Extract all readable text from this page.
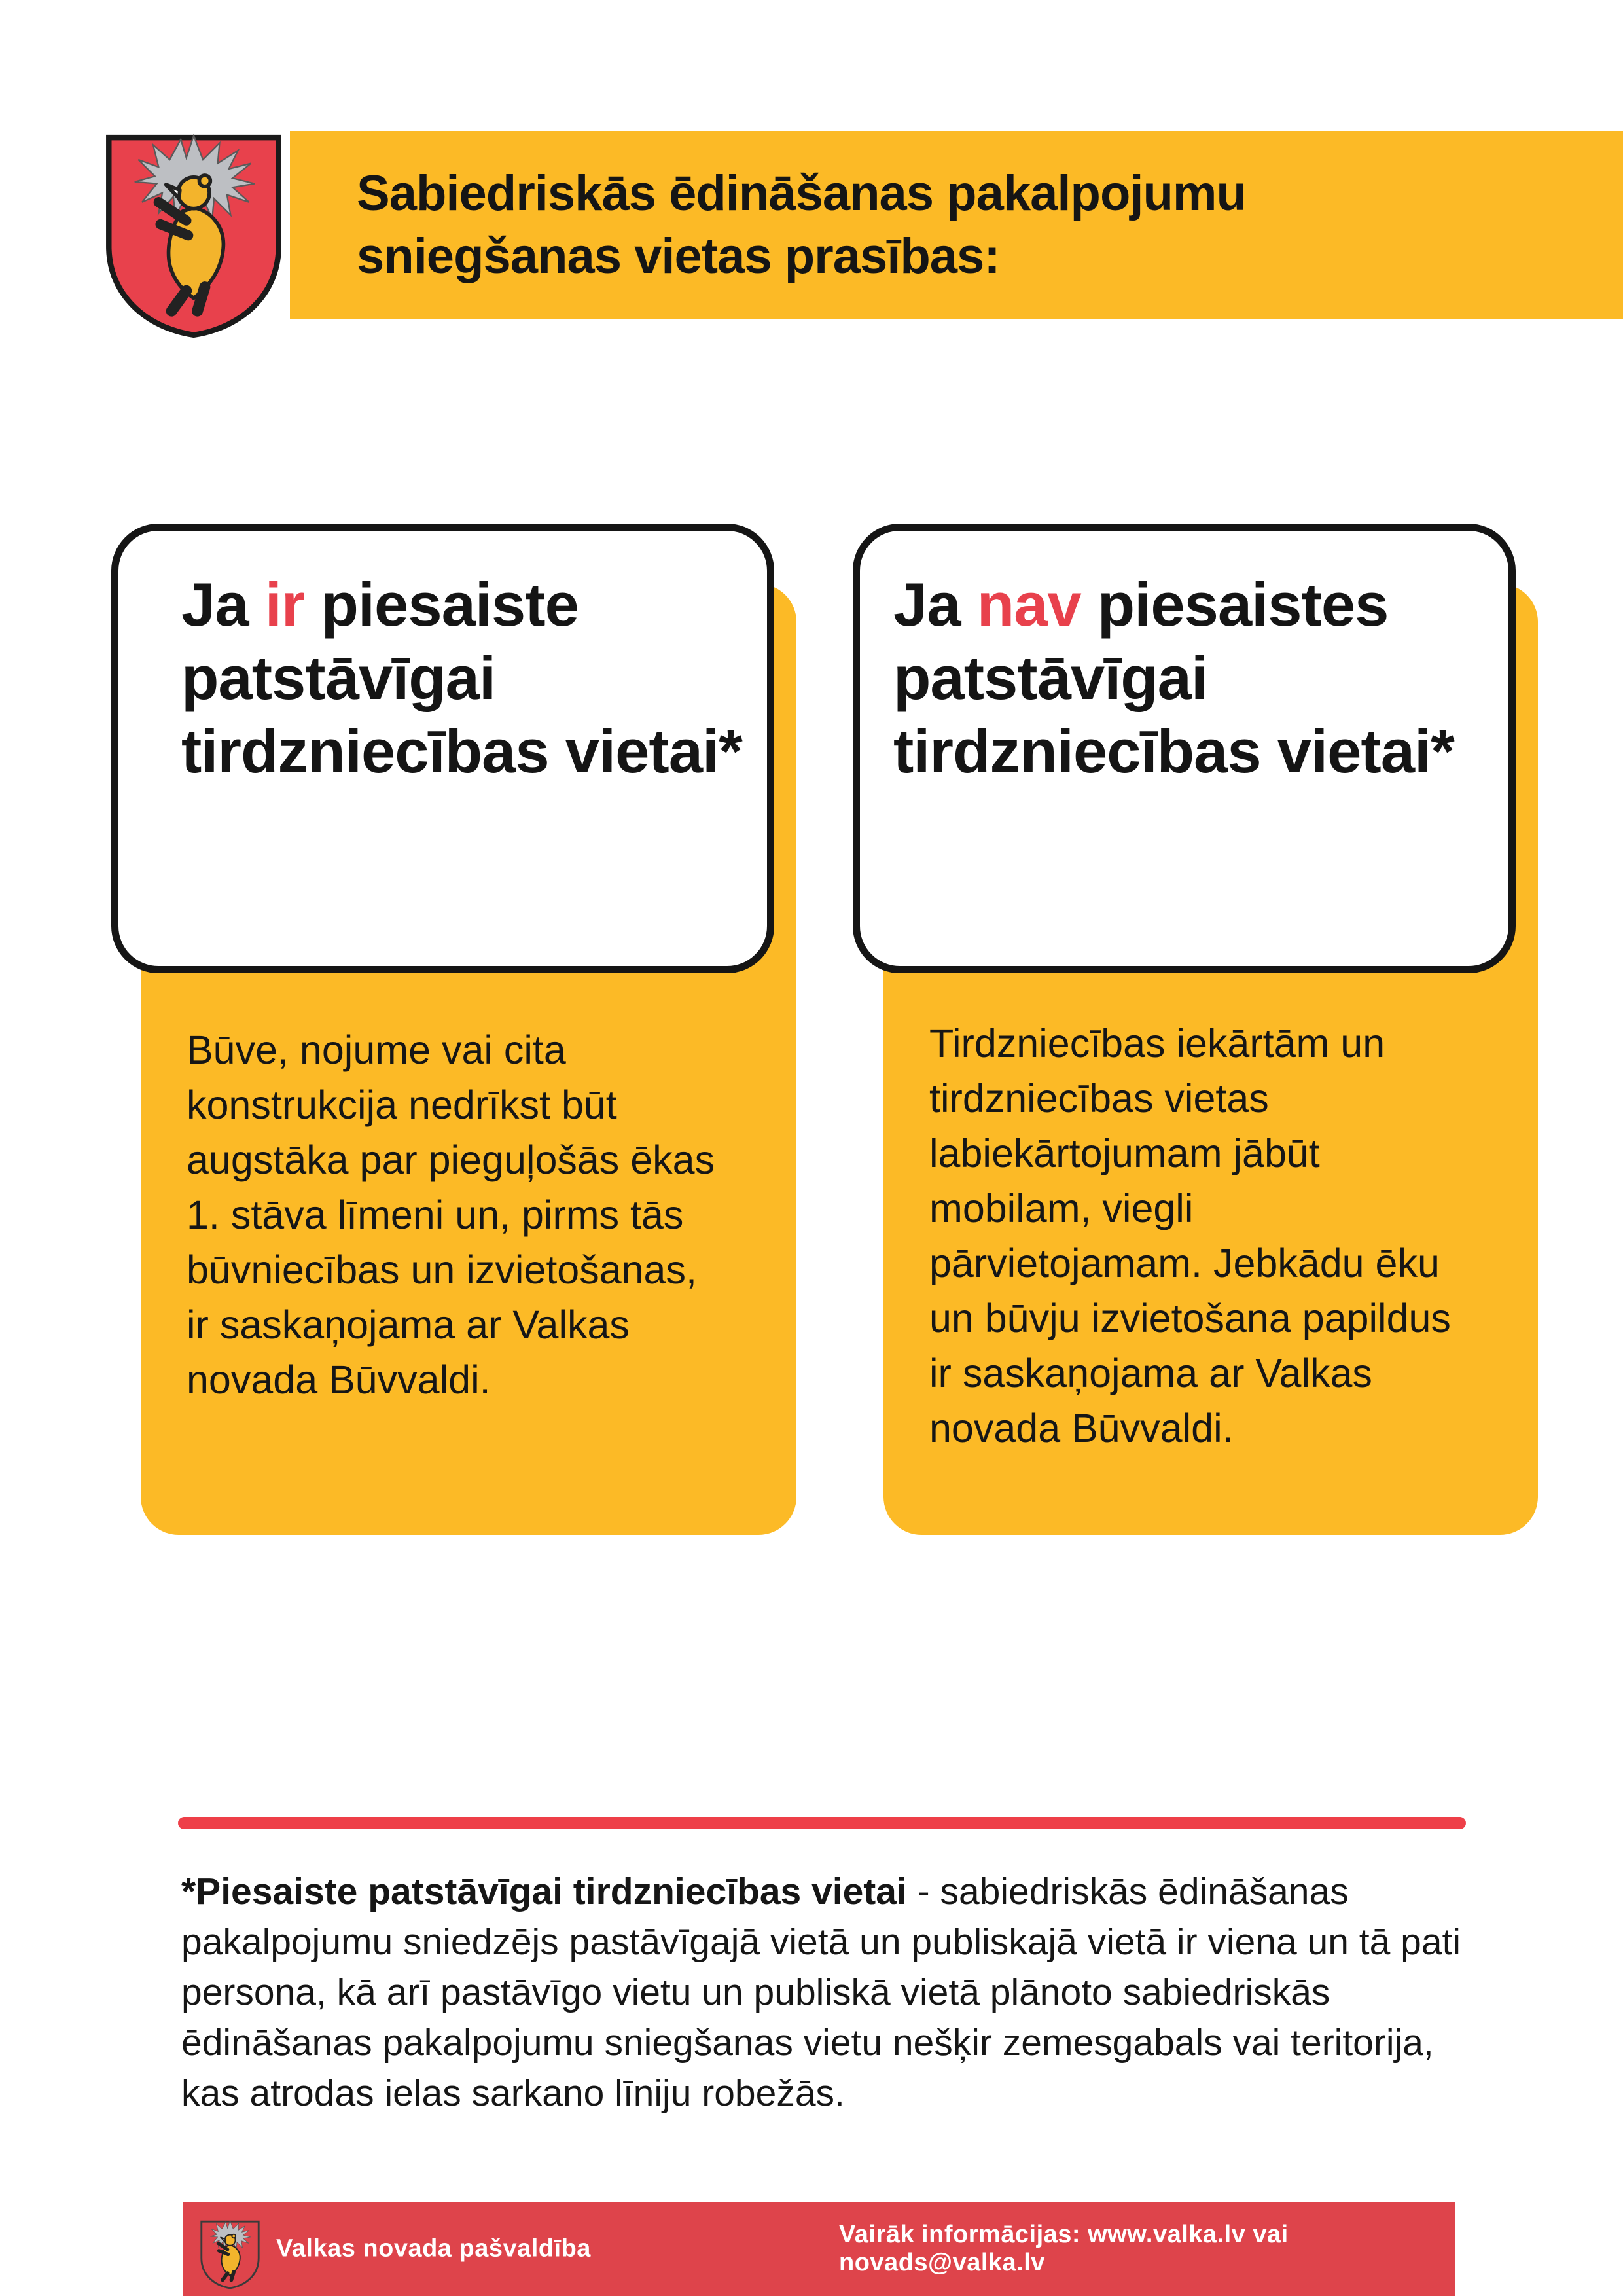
Sabiedriskās ēdināšanas pakalpojumu
sniegšanas vietas prasības:
Ja ir piesaiste patstāvīgai tirdzniecības vietai*
Būve, nojume vai cita konstrukcija nedrīkst būt augstāka par pieguļošās ēkas 1. stāva līmeni un, pirms tās būvniecības un izvietošanas, ir saskaņojama ar Valkas novada Būvvaldi.
Ja nav piesaistes patstāvīgai tirdzniecības vietai*
Tirdzniecības iekārtām un tirdzniecības vietas labiekārtojumam jābūt mobilam, viegli pārvietojamam. Jebkādu ēku un būvju izvietošana papildus ir saskaņojama ar Valkas novada Būvvaldi.
*Piesaiste patstāvīgai tirdzniecības vietai - sabiedriskās ēdināšanas pakalpojumu sniedzējs pastāvīgajā vietā un publiskajā vietā ir viena un tā pati persona, kā arī pastāvīgo vietu un publiskā vietā plānoto sabiedriskās ēdināšanas pakalpojumu sniegšanas vietu nešķir zemesgabals vai teritorija, kas atrodas ielas sarkano līniju robežās.
Valkas novada pašvaldība
Vairāk informācijas: www.valka.lv vai novads@valka.lv
